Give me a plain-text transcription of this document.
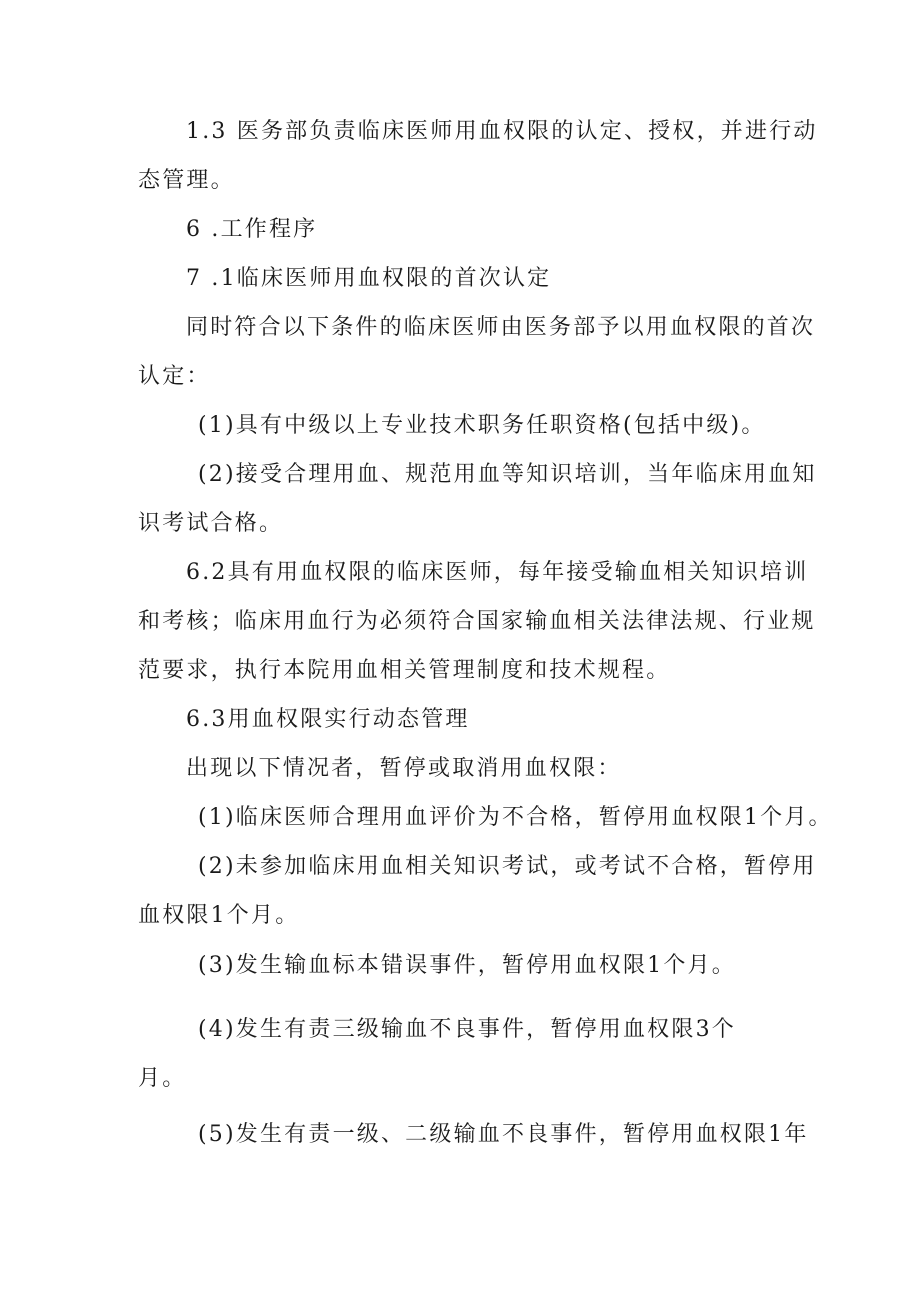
1.3 医务部负责临床医师用血权限的认定、授权，并进行动
态管理。
6 .工作程序
7 .1临床医师用血权限的首次认定
同时符合以下条件的临床医师由医务部予以用血权限的首次
认定：
(1)具有中级以上专业技术职务任职资格(包括中级)。
(2)接受合理用血、规范用血等知识培训，当年临床用血知
识考试合格。
6.2具有用血权限的临床医师，每年接受输血相关知识培训
和考核；临床用血行为必须符合国家输血相关法律法规、行业规
范要求，执行本院用血相关管理制度和技术规程。
6.3用血权限实行动态管理
出现以下情况者，暂停或取消用血权限：
(1)临床医师合理用血评价为不合格，暂停用血权限1个月。
(2)未参加临床用血相关知识考试，或考试不合格，暂停用
血权限1个月。
(3)发生输血标本错误事件，暂停用血权限1个月。
(4)发生有责三级输血不良事件，暂停用血权限3个
月。
(5)发生有责一级、二级输血不良事件，暂停用血权限1年
